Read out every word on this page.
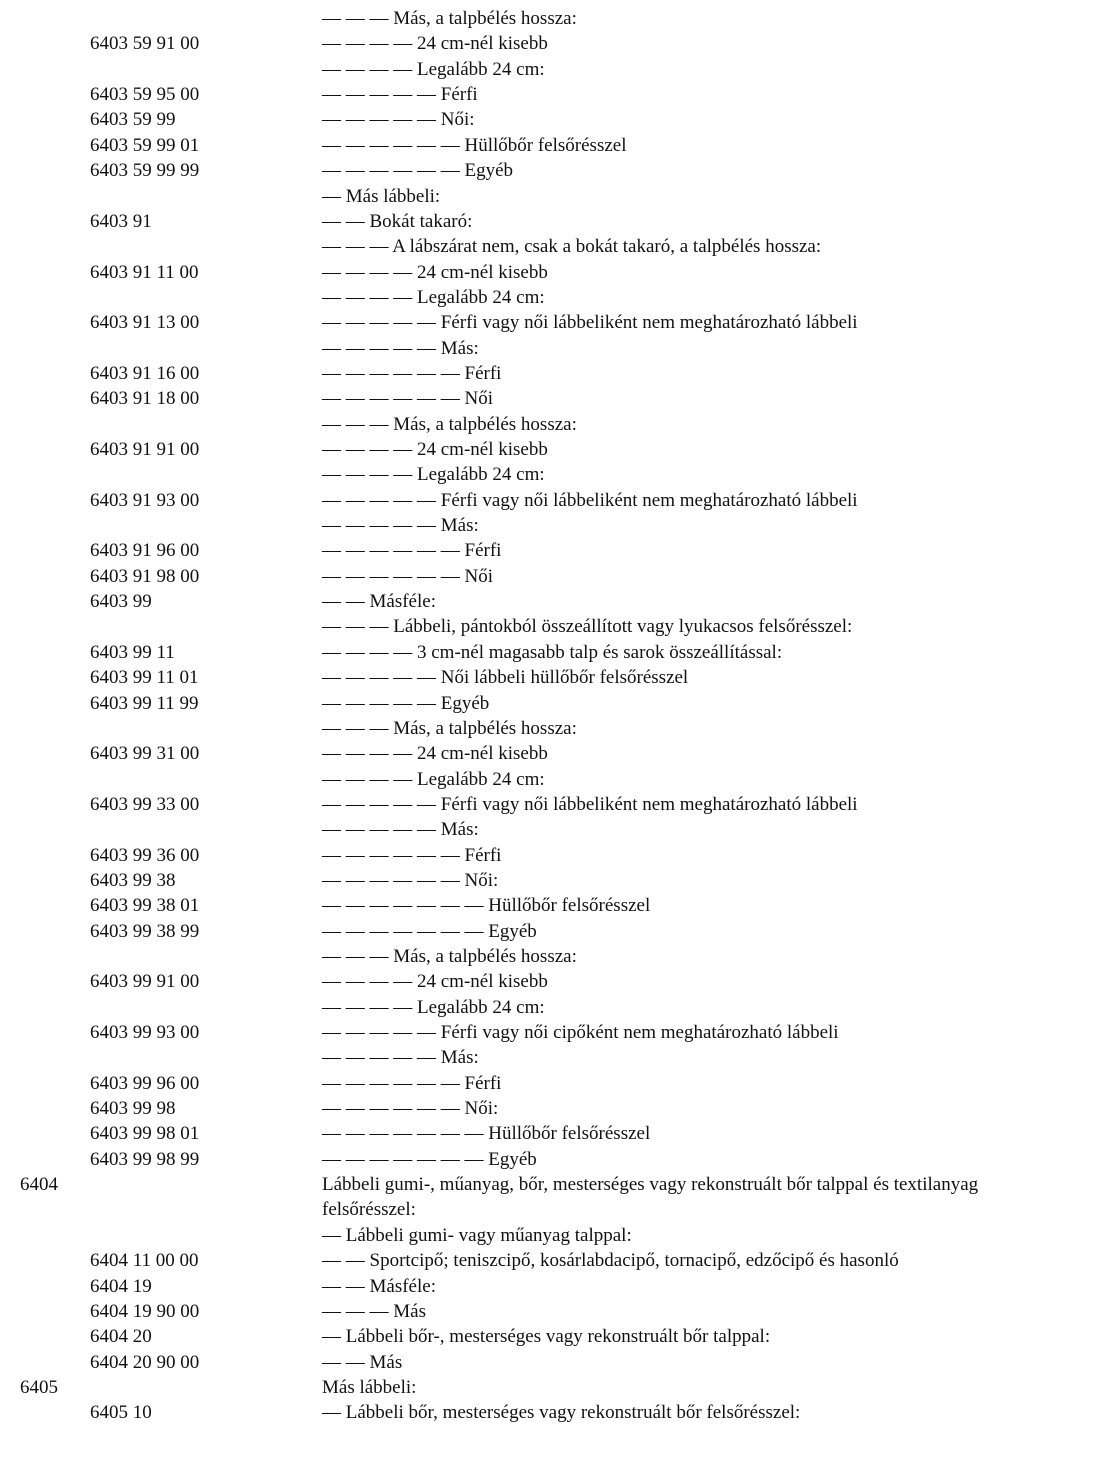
— — — Más, a talpbélés hossza:
6403 59 91 00	— — — — 24 cm-nél kisebb
— — — — Legalább 24 cm:
6403 59 95 00	— — — — — Férfi
6403 59 99	— — — — — Női:
6403 59 99 01	— — — — — — Hüllőbőr felsőrésszel
6403 59 99 99	— — — — — — Egyéb
— Más lábbeli:
6403 91	— — Bokát takaró:
— — — A lábszárat nem, csak a bokát takaró, a talpbélés hossza:
6403 91 11 00	— — — — 24 cm-nél kisebb
— — — — Legalább 24 cm:
6403 91 13 00	— — — — — Férfi vagy női lábbeliként nem meghatározható lábbeli
— — — — — Más:
6403 91 16 00	— — — — — — Férfi
6403 91 18 00	— — — — — — Női
— — — Más, a talpbélés hossza:
6403 91 91 00	— — — — 24 cm-nél kisebb
— — — — Legalább 24 cm:
6403 91 93 00	— — — — — Férfi vagy női lábbeliként nem meghatározható lábbeli
— — — — — Más:
6403 91 96 00	— — — — — — Férfi
6403 91 98 00	— — — — — — Női
6403 99	— — Másféle:
— — — Lábbeli, pántokból összeállított vagy lyukacsos felsőrésszel:
6403 99 11	— — — — 3 cm-nél magasabb talp és sarok összeállítással:
6403 99 11 01	— — — — — Női lábbeli hüllőbőr felsőrésszel
6403 99 11 99	— — — — — Egyéb
— — — Más, a talpbélés hossza:
6403 99 31 00	— — — — 24 cm-nél kisebb
— — — — Legalább 24 cm:
6403 99 33 00	— — — — — Férfi vagy női lábbeliként nem meghatározható lábbeli
— — — — — Más:
6403 99 36 00	— — — — — — Férfi
6403 99 38	— — — — — — Női:
6403 99 38 01	— — — — — — — Hüllőbőr felsőrésszel
6403 99 38 99	— — — — — — — Egyéb
— — — Más, a talpbélés hossza:
6403 99 91 00	— — — — 24 cm-nél kisebb
— — — — Legalább 24 cm:
6403 99 93 00	— — — — — Férfi vagy női cipőként nem meghatározható lábbeli
— — — — — Más:
6403 99 96 00	— — — — — — Férfi
6403 99 98	— — — — — — Női:
6403 99 98 01	— — — — — — — Hüllőbőr felsőrésszel
6403 99 98 99	— — — — — — — Egyéb
6404	Lábbeli gumi-, műanyag, bőr, mesterséges vagy rekonstruált bőr talppal és textilanyag felsőrésszel:
— Lábbeli gumi- vagy műanyag talppal:
6404 11 00 00	— — Sportcipő; teniszcipő, kosárlabdacipő, tornacipő, edzőcipő és hasonló
6404 19	— — Másféle:
6404 19 90 00	— — — Más
6404 20	— Lábbeli bőr-, mesterséges vagy rekonstruált bőr talppal:
6404 20 90 00	— — Más
6405	Más lábbeli:
6405 10	— Lábbeli bőr, mesterséges vagy rekonstruált bőr felsőrésszel:
